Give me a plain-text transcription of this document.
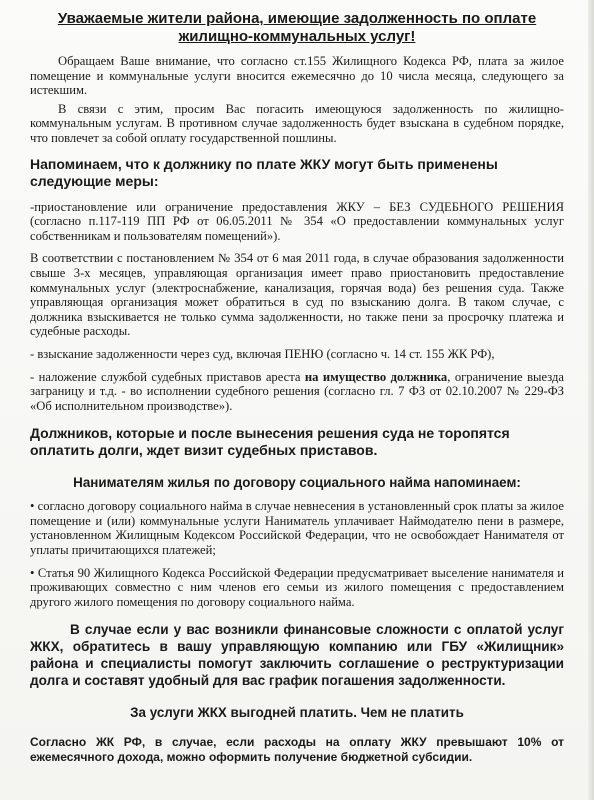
Уважаемые жители района, имеющие задолженность по оплате жилищно-коммунальных услуг!

Обращаем Ваше внимание, что согласно ст.155 Жилищного Кодекса РФ, плата за жилое помещение и коммунальные услуги вносится ежемесячно до 10 числа месяца, следующего за истекшим.

В связи с этим, просим Вас погасить имеющуюся задолженность по жилищно-коммунальным услугам. В противном случае задолженность будет взыскана в судебном порядке, что повлечет за собой оплату государственной пошлины.

Напоминаем, что к должнику по плате ЖКУ могут быть применены следующие меры:

-приостановление или ограничение предоставления ЖКУ – БЕЗ СУДЕБНОГО РЕШЕНИЯ (согласно п.117-119 ПП РФ от 06.05.2011 № 354 «О предоставлении коммунальных услуг собственникам и пользователям помещений»).

В соответствии с постановлением № 354 от 6 мая 2011 года, в случае образования задолженности свыше 3-х месяцев, управляющая организация имеет право приостановить предоставление коммунальных услуг (электроснабжение, канализация, горячая вода) без решения суда. Также управляющая организация может обратиться в суд по взысканию долга. В таком случае, с должника взыскивается не только сумма задолженности, но также пени за просрочку платежа и судебные расходы.

- взыскание задолженности через суд, включая ПЕНЮ (согласно ч. 14 ст. 155 ЖК РФ),

- наложение службой судебных приставов ареста на имущество должника, ограничение выезда заграницу и т.д. - во исполнении судебного решения (согласно гл. 7 ФЗ от 02.10.2007 № 229-ФЗ «Об исполнительном производстве»).

Должников, которые и после вынесения решения суда не торопятся оплатить долги, ждет визит судебных приставов.

Нанимателям жилья по договору социального найма напоминаем:

• согласно договору социального найма в случае невнесения в установленный срок платы за жилое помещение и (или) коммунальные услуги Наниматель уплачивает Наймодателю пени в размере, установленном Жилищным Кодексом Российской Федерации, что не освобождает Нанимателя от уплаты причитающихся платежей;

• Статья 90 Жилищного Кодекса Российской Федерации предусматривает выселение нанимателя и проживающих совместно с ним членов его семьи из жилого помещения с предоставлением другого жилого помещения по договору социального найма.

В случае если у вас возникли финансовые сложности с оплатой услуг ЖКХ, обратитесь в вашу управляющую компанию или ГБУ «Жилищник» района и специалисты помогут заключить соглашение о реструктуризации долга и составят удобный для вас график погашения задолженности.

За услуги ЖКХ выгодней платить. Чем не платить

Согласно ЖК РФ, в случае, если расходы на оплату ЖКУ превышают 10% от ежемесячного дохода, можно оформить получение бюджетной субсидии.
